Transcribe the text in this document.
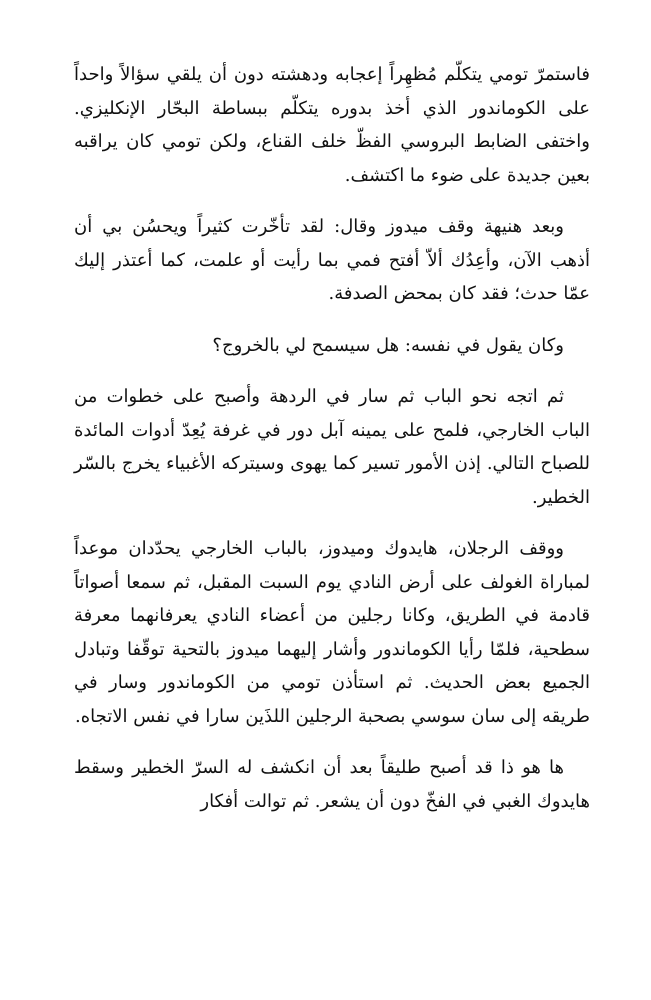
فاستمرّ تومي يتكلّم مُظهِراً إعجابه ودهشته دون أن يلقي سؤالاً واحداً على الكوماندور الذي أخذ بدوره يتكلّم ببساطة البحّار الإنكليزي. واختفى الضابط البروسي الفظّ خلف القناع، ولكن تومي كان يراقبه بعين جديدة على ضوء ما اكتشف.

وبعد هنيهة وقف ميدوز وقال: لقد تأخّرت كثيراً ويحسُن بي أن أذهب الآن، وأعِدُك ألاّ أفتح فمي بما رأيت أو علمت، كما أعتذر إليك عمّا حدث؛ فقد كان بمحض الصدفة.

وكان يقول في نفسه: هل سيسمح لي بالخروج؟

ثم اتجه نحو الباب ثم سار في الردهة وأصبح على خطوات من الباب الخارجي، فلمح على يمينه آبل دور في غرفة يُعِدّ أدوات المائدة للصباح التالي. إذن الأمور تسير كما يهوى وسيتركه الأغبياء يخرج بالسّر الخطير.

ووقف الرجلان، هايدوك وميدوز، بالباب الخارجي يحدّدان موعداً لمباراة الغولف على أرض النادي يوم السبت المقبل، ثم سمعا أصواتاً قادمة في الطريق، وكانا رجلين من أعضاء النادي يعرفانهما معرفة سطحية، فلمّا رأيا الكوماندور وأشار إليهما ميدوز بالتحية توقّفا وتبادل الجميع بعض الحديث. ثم استأذن تومي من الكوماندور وسار في طريقه إلى سان سوسي بصحبة الرجلين اللذَين سارا في نفس الاتجاه.

ها هو ذا قد أصبح طليقاً بعد أن انكشف له السرّ الخطير وسقط هايدوك الغبي في الفخّ دون أن يشعر. ثم توالت أفكار
